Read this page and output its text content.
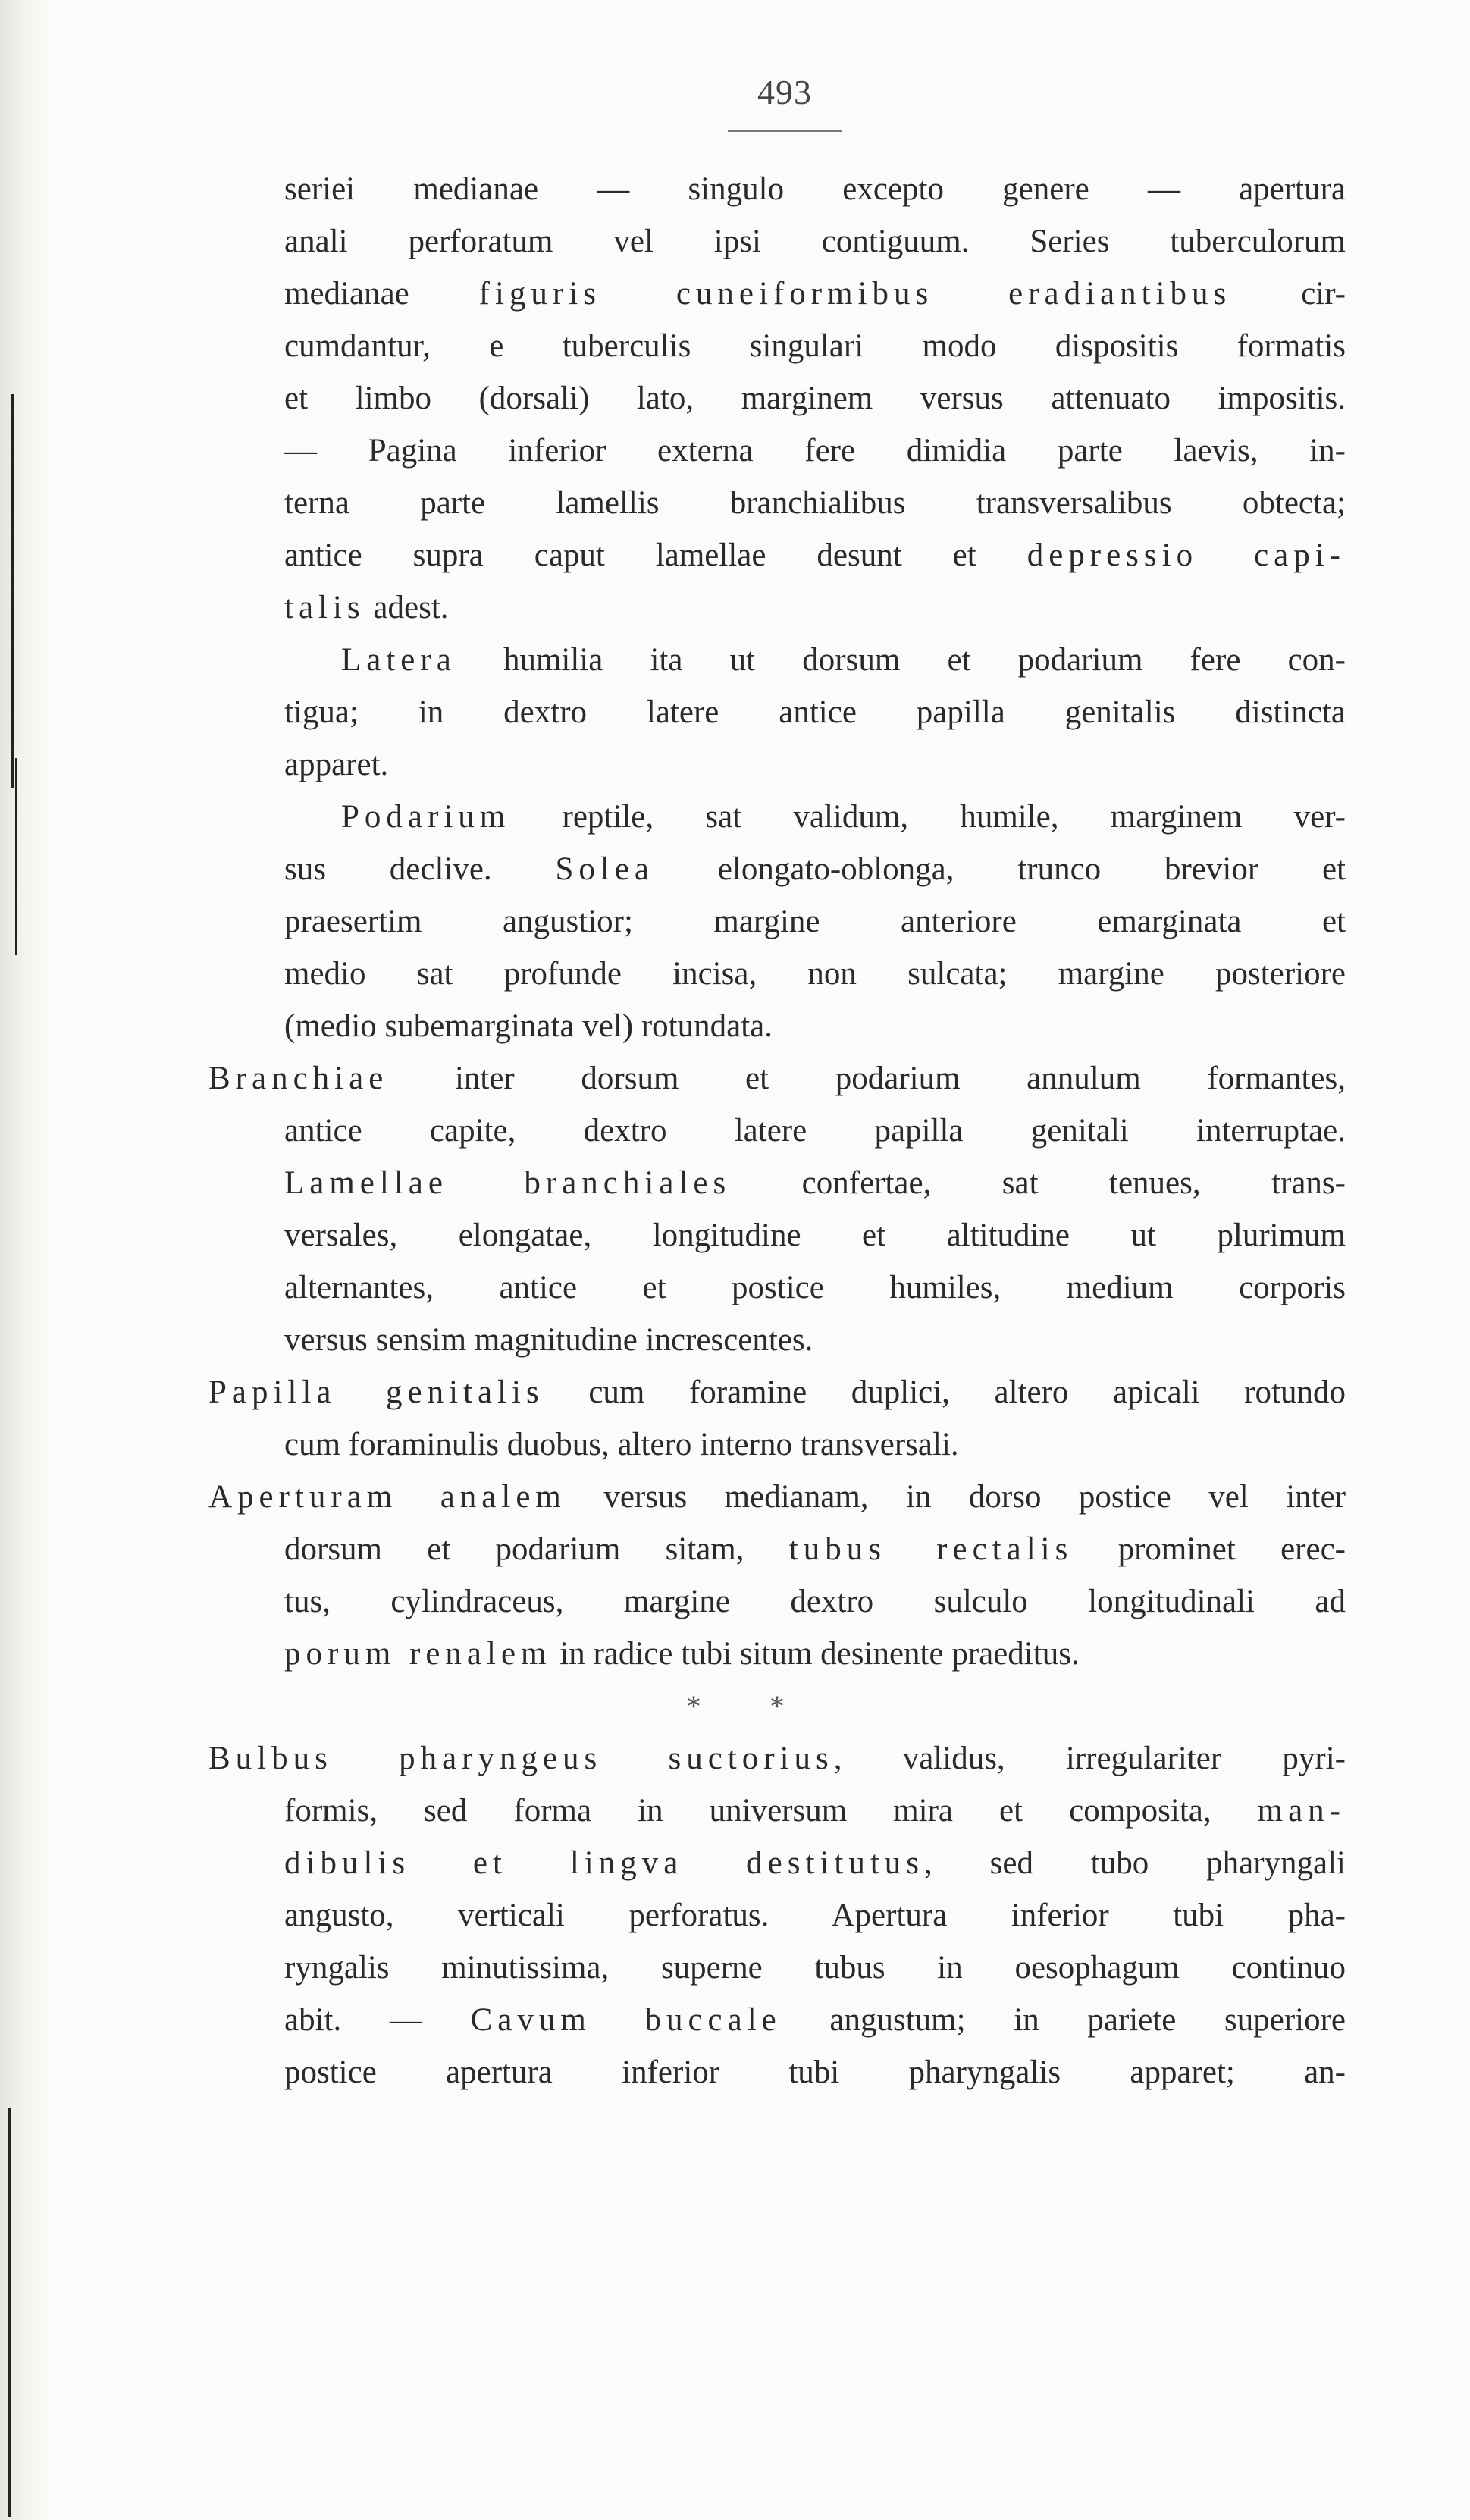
493
seriei medianae — singulo excepto genere — apertura
anali perforatum vel ipsi contiguum. Series tuberculorum
medianae figuris cuneiformibus eradiantibus cir-
cumdantur, e tuberculis singulari modo dispositis formatis
et limbo (dorsali) lato, marginem versus attenuato impositis.
— Pagina inferior externa fere dimidia parte laevis, in-
terna parte lamellis branchialibus transversalibus obtecta;
antice supra caput lamellae desunt et depressio capi-
talis adest.
Latera humilia ita ut dorsum et podarium fere con-
tigua; in dextro latere antice papilla genitalis distincta
apparet.
Podarium reptile, sat validum, humile, marginem ver-
sus declive. Solea elongato-oblonga, trunco brevior et
praesertim angustior; margine anteriore emarginata et
medio sat profunde incisa, non sulcata; margine posteriore
(medio subemarginata vel) rotundata.
Branchiae inter dorsum et podarium annulum formantes,
antice capite, dextro latere papilla genitali interruptae.
Lamellae branchiales confertae, sat tenues, trans-
versales, elongatae, longitudine et altitudine ut plurimum
alternantes, antice et postice humiles, medium corporis
versus sensim magnitudine increscentes.
Papilla genitalis cum foramine duplici, altero apicali rotundo
cum foraminulis duobus, altero interno transversali.
Aperturam analem versus medianam, in dorso postice vel inter
dorsum et podarium sitam, tubus rectalis prominet erec-
tus, cylindraceus, margine dextro sulculo longitudinali ad
porum renalem in radice tubi situm desinente praeditus.
* *
Bulbus pharyngeus suctorius, validus, irregulariter pyri-
formis, sed forma in universum mira et composita, man-
dibulis et lingva destitutus, sed tubo pharyngali
angusto, verticali perforatus. Apertura inferior tubi pha-
ryngalis minutissima, superne tubus in oesophagum continuo
abit. — Cavum buccale angustum; in pariete superiore
postice apertura inferior tubi pharyngalis apparet; an-
